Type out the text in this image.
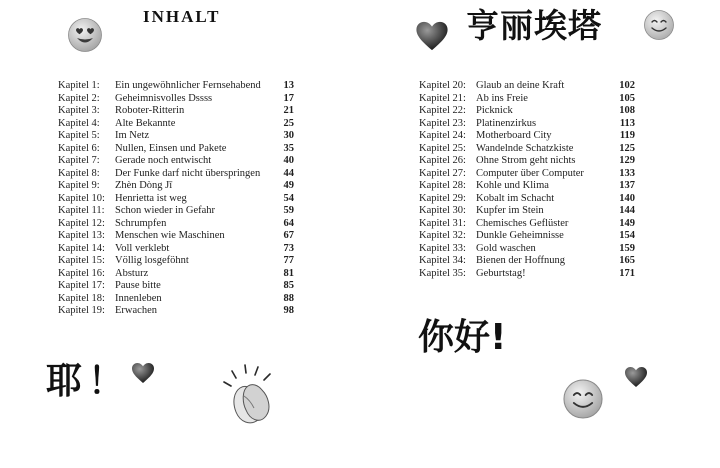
INHALT
Kapitel 1: Ein ungewöhnlicher Fernsehabend 13
Kapitel 2: Geheimnisvolles Dssss	17
Kapitel 3: Roboter-Ritterin	21
Kapitel 4: Alte Bekannte	25
Kapitel 5: Im Netz	30
Kapitel 6: Nullen, Einsen und Pakete	35
Kapitel 7: Gerade noch entwischt	40
Kapitel 8: Der Funke darf nicht überspringen 44
Kapitel 9: Zhèn Dòng Jī	49
Kapitel 10: Henrietta ist weg	54
Kapitel 11: Schon wieder in Gefahr	59
Kapitel 12: Schrumpfen	64
Kapitel 13: Menschen wie Maschinen	67
Kapitel 14: Voll verklebt	73
Kapitel 15: Völlig losgeföhnt	77
Kapitel 16: Absturz	81
Kapitel 17: Pause bitte	85
Kapitel 18: Innenleben	88
Kapitel 19: Erwachen	98
耶！
亨丽埃塔
Kapitel 20: Glaub an deine Kraft	102
Kapitel 21: Ab ins Freie	105
Kapitel 22: Picknick	108
Kapitel 23: Platinenzirkus	113
Kapitel 24: Motherboard City	119
Kapitel 25: Wandelnde Schatzkiste	125
Kapitel 26: Ohne Strom geht nichts	129
Kapitel 27: Computer über Computer	133
Kapitel 28: Kohle und Klima	137
Kapitel 29: Kobalt im Schacht	140
Kapitel 30: Kupfer im Stein	144
Kapitel 31: Chemisches Geflüster	149
Kapitel 32: Dunkle Geheimnisse	154
Kapitel 33: Gold waschen	159
Kapitel 34: Bienen der Hoffnung	165
Kapitel 35: Geburtstag!	171
你好!
